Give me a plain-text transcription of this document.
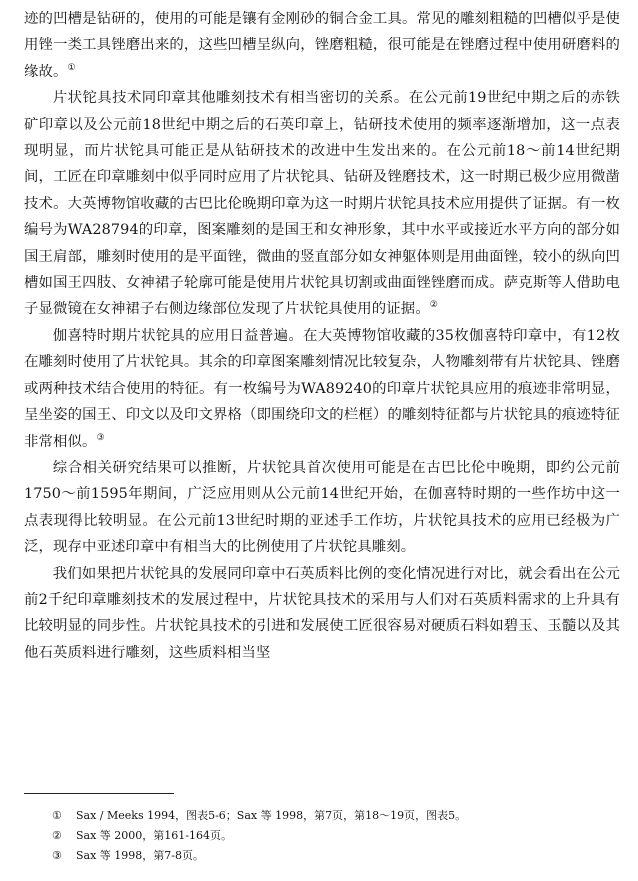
迹的凹槽是钻研的，使用的可能是镶有金刚砂的铜合金工具。常见的雕刻粗糙的凹槽似乎是使用锉一类工具锉磨出来的，这些凹槽呈纵向，锉磨粗糙，很可能是在锉磨过程中使用研磨料的缘故。①

片状铊具技术同印章其他雕刻技术有相当密切的关系。在公元前19世纪中期之后的赤铁矿印章以及公元前18世纪中期之后的石英印章上，钻研技术使用的频率逐渐增加，这一点表现明显，而片状铊具可能正是从钻研技术的改进中生发出来的。在公元前18～前14世纪期间，工匠在印章雕刻中似乎同时应用了片状铊具、钻研及锉磨技术，这一时期已极少应用微凿技术。大英博物馆收藏的古巴比伦晚期印章为这一时期片状铊具技术应用提供了证据。有一枚编号为WA28794的印章，图案雕刻的是国王和女神形象，其中水平或接近水平方向的部分如国王肩部，雕刻时使用的是平面锉，微曲的竖直部分如女神躯体则是用曲面锉，较小的纵向凹槽如国王四肢、女神裙子轮廓可能是使用片状铊具切割或曲面锉锉磨而成。萨克斯等人借助电子显微镜在女神裙子右侧边缘部位发现了片状铊具使用的证据。②

伽喜特时期片状铊具的应用日益普遍。在大英博物馆收藏的35枚伽喜特印章中，有12枚在雕刻时使用了片状铊具。其余的印章图案雕刻情况比较复杂，人物雕刻带有片状铊具、锉磨或两种技术结合使用的特征。有一枚编号为WA89240的印章片状铊具应用的痕迹非常明显，呈坐姿的国王、印文以及印文界格（即围绕印文的栏框）的雕刻特征都与片状铊具的痕迹特征非常相似。③

综合相关研究结果可以推断，片状铊具首次使用可能是在古巴比伦中晚期，即约公元前1750～前1595年期间，广泛应用则从公元前14世纪开始，在伽喜特时期的一些作坊中这一点表现得比较明显。在公元前13世纪时期的亚述手工作坊，片状铊具技术的应用已经极为广泛，现存中亚述印章中有相当大的比例使用了片状铊具雕刻。

我们如果把片状铊具的发展同印章中石英质料比例的变化情况进行对比，就会看出在公元前2千纪印章雕刻技术的发展过程中，片状铊具技术的采用与人们对石英质料需求的上升具有比较明显的同步性。片状铊具技术的引进和发展使工匠很容易对硬质石料如碧玉、玉髓以及其他石英质料进行雕刻，这些质料相当坚

① Sax / Meeks 1994，图表5-6；Sax 等 1998，第7页，第18～19页，图表5。

② Sax 等 2000，第161-164页。

③ Sax 等 1998，第7-8页。
